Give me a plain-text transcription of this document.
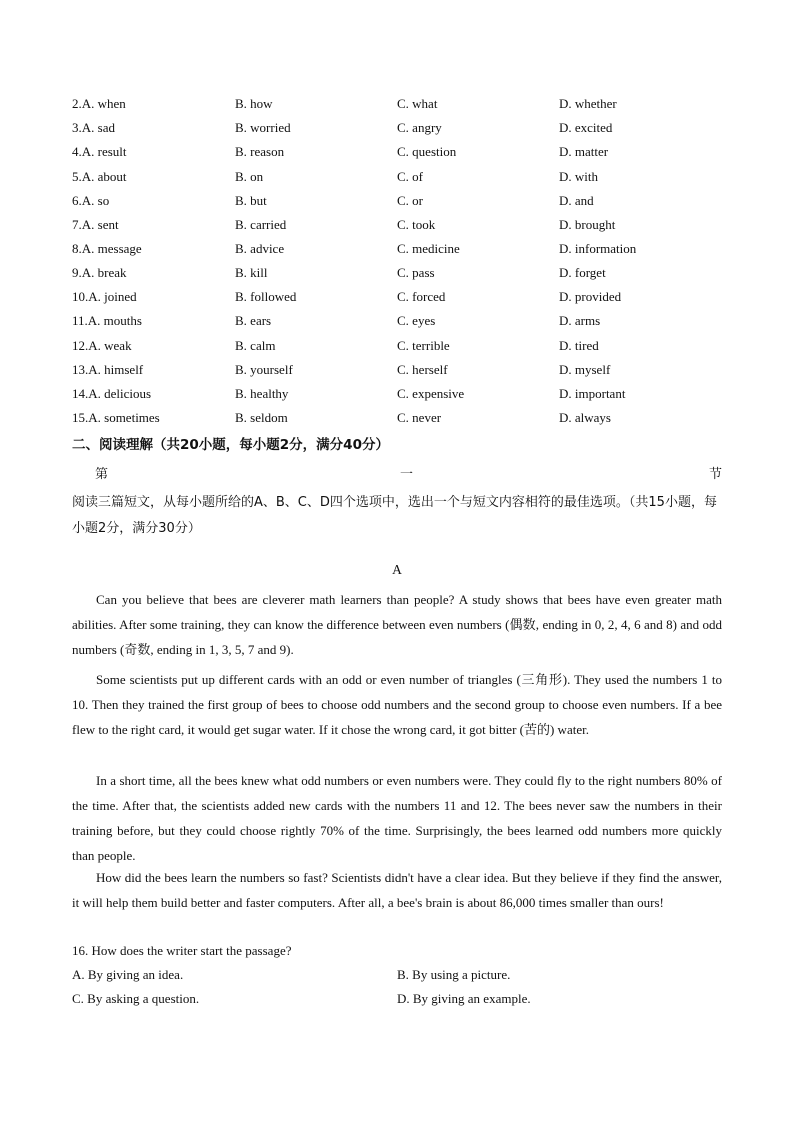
2.A. when	B. how	C. what	D. whether
3.A. sad	B. worried	C. angry	D. excited
4.A. result	B. reason	C. question	D. matter
5.A. about	B. on	C. of	D. with
6.A. so	B. but	C. or	D. and
7.A. sent	B. carried	C. took	D. brought
8.A. message	B. advice	C. medicine	D. information
9.A. break	B. kill	C. pass	D. forget
10.A. joined	B. followed	C. forced	D. provided
11.A. mouths	B. ears	C. eyes	D. arms
12.A. weak	B. calm	C. terrible	D. tired
13.A. himself	B. yourself	C. herself	D. myself
14.A. delicious	B. healthy	C. expensive	D. important
15.A. sometimes	B. seldom	C. never	D. always
二、阅读理解（共20小题，每小题2分，满分40分）
第	一	节
阅读三篇短文，从每小题所给的A、B、C、D四个选项中，选出一个与短文内容相符的最佳选项。（共15小题，每小题2分，满分30分）
A

Can you believe that bees are cleverer math learners than people? A study shows that bees have even greater math abilities. After some training, they can know the difference between even numbers (偶数, ending in 0, 2, 4, 6 and 8) and odd numbers (奇数, ending in 1, 3, 5, 7 and 9).

Some scientists put up different cards with an odd or even number of triangles (三角形). They used the numbers 1 to 10. Then they trained the first group of bees to choose odd numbers and the second group to choose even numbers. If a bee flew to the right card, it would get sugar water. If it chose the wrong card, it got bitter (苦的) water.

In a short time, all the bees knew what odd numbers or even numbers were. They could fly to the right numbers 80% of the time. After that, the scientists added new cards with the numbers 11 and 12. The bees never saw the numbers in their training before, but they could choose rightly 70% of the time. Surprisingly, the bees learned odd numbers more quickly than people.

How did the bees learn the numbers so fast? Scientists didn't have a clear idea. But they believe if they find the answer, it will help them build better and faster computers. After all, a bee's brain is about 86,000 times smaller than ours!

16. How does the writer start the passage?
A. By giving an idea.	B. By using a picture.
C. By asking a question.	D. By giving an example.
